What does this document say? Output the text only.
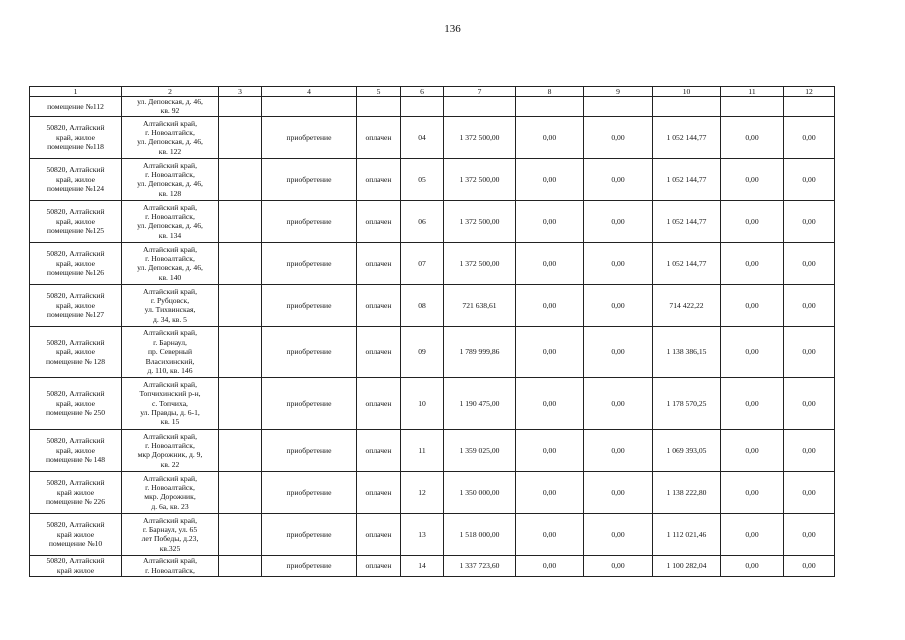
136
1	2	3	4	5	6	7	8	9	10	11	12
помещение №112	ул. Деповская, д. 46,
кв. 92										
50820, Алтайский
край, жилое
помещение №118	Алтайский край,
г. Новоалтайск,
ул. Деповская, д. 46,
кв. 122		приобретение	оплачен	04	1 372 500,00	0,00	0,00	1 052 144,77	0,00	0,00
50820, Алтайский
край, жилое
помещение №124	Алтайский край,
г. Новоалтайск,
ул. Деповская, д. 46,
кв. 128		приобретение	оплачен	05	1 372 500,00	0,00	0,00	1 052 144,77	0,00	0,00
50820, Алтайский
край, жилое
помещение №125	Алтайский край,
г. Новоалтайск,
ул. Деповская, д. 46,
кв. 134		приобретение	оплачен	06	1 372 500,00	0,00	0,00	1 052 144,77	0,00	0,00
50820, Алтайский
край, жилое
помещение №126	Алтайский край,
г. Новоалтайск,
ул. Деповская, д. 46,
кв. 140		приобретение	оплачен	07	1 372 500,00	0,00	0,00	1 052 144,77	0,00	0,00
50820, Алтайский
край, жилое
помещение №127	Алтайский край,
г. Рубцовск,
ул. Тихвинская,
д. 34, кв. 5		приобретение	оплачен	08	721 638,61	0,00	0,00	714 422,22	0,00	0,00
50820, Алтайский
край, жилое
помещение № 128	Алтайский край,
г. Барнаул,
пр. Северный
Власихинский,
д. 110, кв. 146		приобретение	оплачен	09	1 789 999,86	0,00	0,00	1 138 386,15	0,00	0,00
50820, Алтайский
край, жилое
помещение № 250	Алтайский край,
Топчихинский р-н,
с. Топчиха,
ул. Правды, д. 6-1,
кв. 15		приобретение	оплачен	10	1 190 475,00	0,00	0,00	1 178 570,25	0,00	0,00
50820, Алтайский
край, жилое
помещение № 148	Алтайский край,
г. Новоалтайск,
мкр Дорожник, д. 9,
кв. 22		приобретение	оплачен	11	1 359 025,00	0,00	0,00	1 069 393,05	0,00	0,00
50820, Алтайский
край жилое
помещение № 226	Алтайский край,
г. Новоалтайск,
мкр. Дорожник,
д. 6а, кв. 23		приобретение	оплачен	12	1 350 000,00	0,00	0,00	1 138 222,80	0,00	0,00
50820, Алтайский
край жилое
помещение №10	Алтайский край,
г. Барнаул, ул. 65
лет Победы, д.23,
кв.325		приобретение	оплачен	13	1 518 000,00	0,00	0,00	1 112 021,46	0,00	0,00
50820, Алтайский
край жилое	Алтайский край,
г. Новоалтайск,		приобретение	оплачен	14	1 337 723,60	0,00	0,00	1 100 282,04	0,00	0,00
